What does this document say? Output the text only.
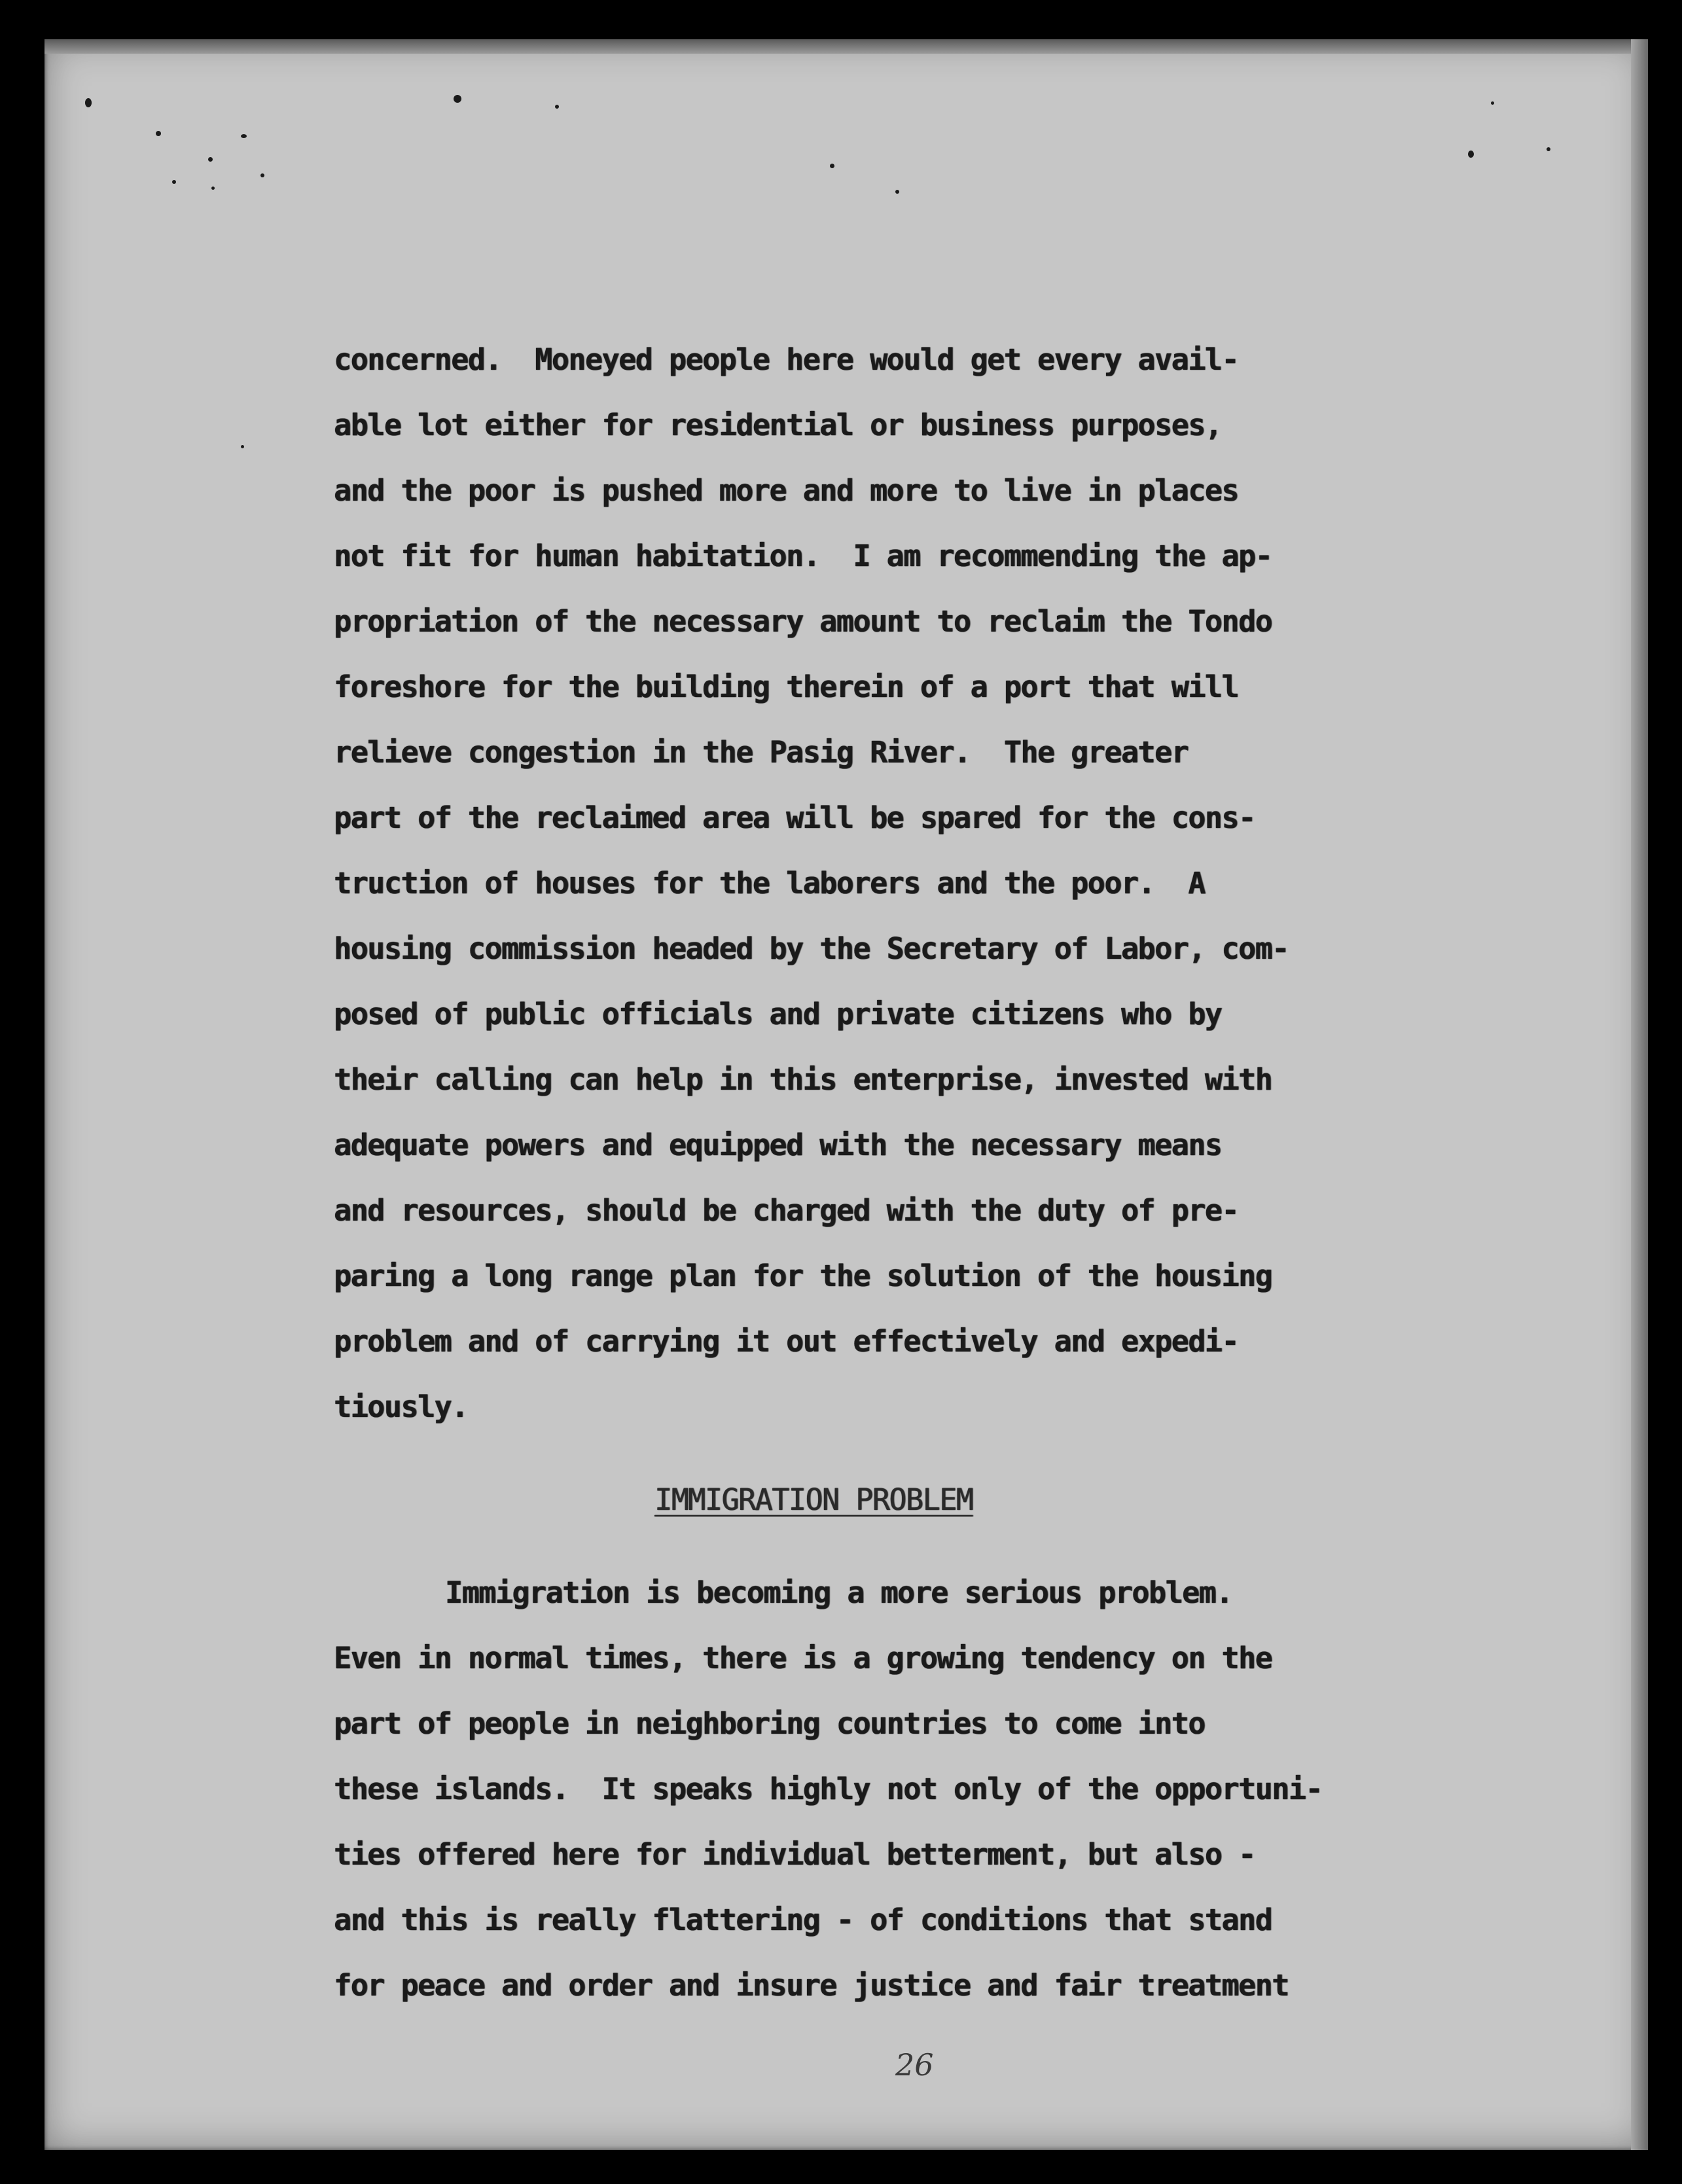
concerned.  Moneyed people here would get every avail-
able lot either for residential or business purposes,
and the poor is pushed more and more to live in places
not fit for human habitation.  I am recommending the ap-
propriation of the necessary amount to reclaim the Tondo
foreshore for the building therein of a port that will
relieve congestion in the Pasig River.  The greater
part of the reclaimed area will be spared for the cons-
truction of houses for the laborers and the poor.  A
housing commission headed by the Secretary of Labor, com-
posed of public officials and private citizens who by
their calling can help in this enterprise, invested with
adequate powers and equipped with the necessary means
and resources, should be charged with the duty of pre-
paring a long range plan for the solution of the housing
problem and of carrying it out effectively and expedi-
tiously.
IMMIGRATION PROBLEM
Immigration is becoming a more serious problem.
Even in normal times, there is a growing tendency on the
part of people in neighboring countries to come into
these islands.  It speaks highly not only of the opportuni-
ties offered here for individual betterment, but also -
and this is really flattering - of conditions that stand
for peace and order and insure justice and fair treatment
26
